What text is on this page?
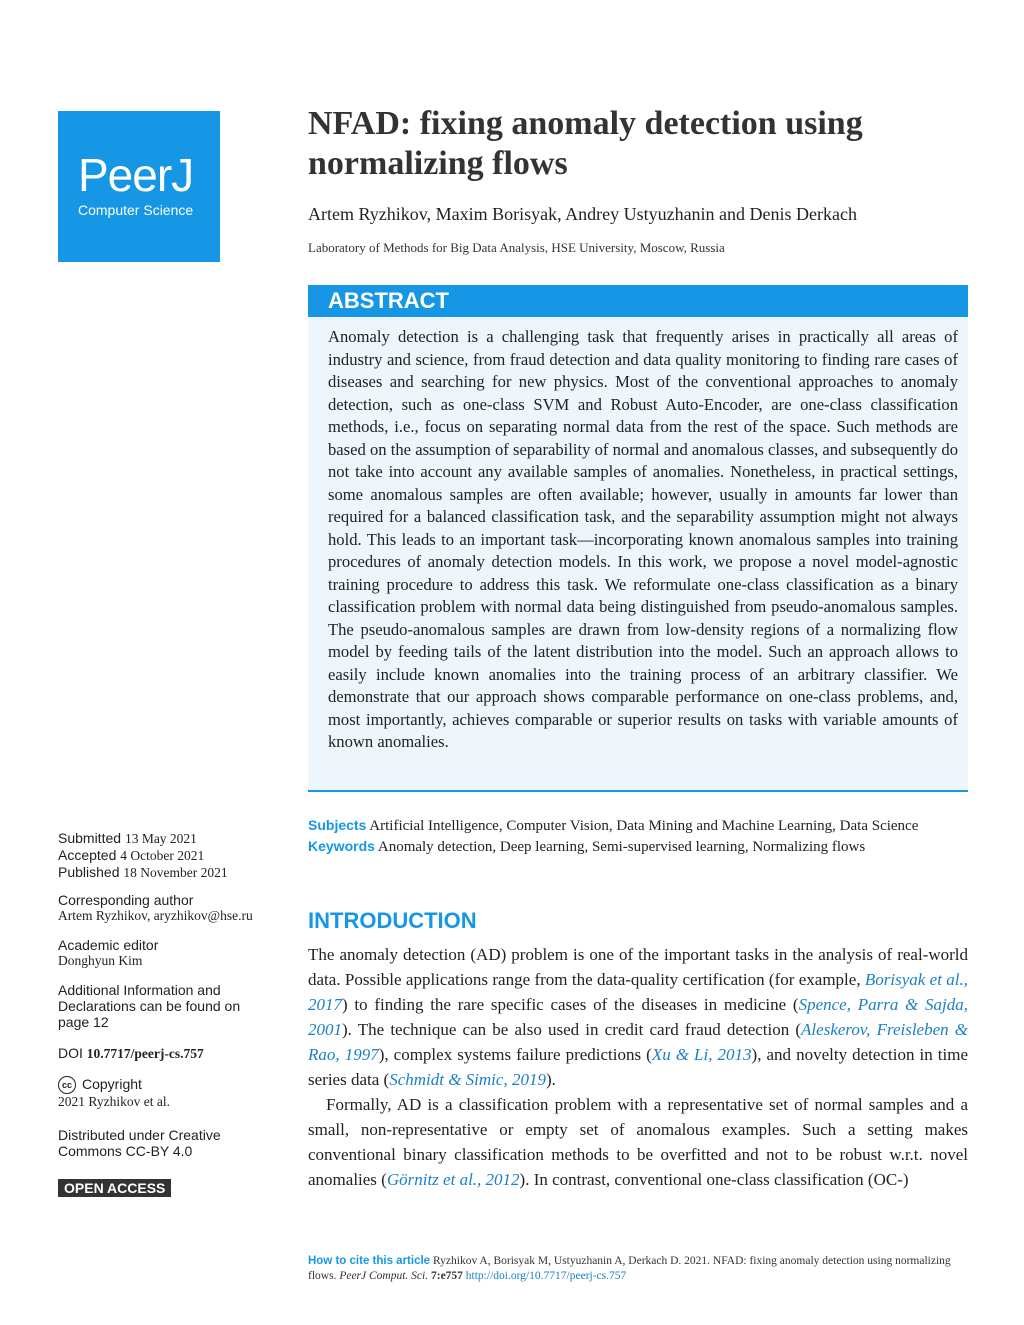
PeerJ
Computer Science
NFAD: fixing anomaly detection using normalizing flows
Artem Ryzhikov, Maxim Borisyak, Andrey Ustyuzhanin and Denis Derkach
Laboratory of Methods for Big Data Analysis, HSE University, Moscow, Russia
ABSTRACT
Anomaly detection is a challenging task that frequently arises in practically all areas of industry and science, from fraud detection and data quality monitoring to finding rare cases of diseases and searching for new physics. Most of the conventional approaches to anomaly detection, such as one-class SVM and Robust Auto-Encoder, are one-class classification methods, i.e., focus on separating normal data from the rest of the space. Such methods are based on the assumption of separability of normal and anomalous classes, and subsequently do not take into account any available samples of anomalies. Nonetheless, in practical settings, some anomalous samples are often available; however, usually in amounts far lower than required for a balanced classification task, and the separability assumption might not always hold. This leads to an important task—incorporating known anomalous samples into training procedures of anomaly detection models. In this work, we propose a novel model-agnostic training procedure to address this task. We reformulate one-class classification as a binary classification problem with normal data being distinguished from pseudo-anomalous samples. The pseudo-anomalous samples are drawn from low-density regions of a normalizing flow model by feeding tails of the latent distribution into the model. Such an approach allows to easily include known anomalies into the training process of an arbitrary classifier. We demonstrate that our approach shows comparable performance on one-class problems, and, most importantly, achieves comparable or superior results on tasks with variable amounts of known anomalies.
Submitted 13 May 2021
Accepted 4 October 2021
Published 18 November 2021
Corresponding author
Artem Ryzhikov, aryzhikov@hse.ru
Academic editor
Donghyun Kim
Additional Information and Declarations can be found on page 12
DOI 10.7717/peerj-cs.757
cc Copyright
2021 Ryzhikov et al.
Distributed under Creative Commons CC-BY 4.0
OPEN ACCESS
Subjects Artificial Intelligence, Computer Vision, Data Mining and Machine Learning, Data Science
Keywords Anomaly detection, Deep learning, Semi-supervised learning, Normalizing flows
INTRODUCTION

The anomaly detection (AD) problem is one of the important tasks in the analysis of real-world data. Possible applications range from the data-quality certification (for example, Borisyak et al., 2017) to finding the rare specific cases of the diseases in medicine (Spence, Parra & Sajda, 2001). The technique can be also used in credit card fraud detection (Aleskerov, Freisleben & Rao, 1997), complex systems failure predictions (Xu & Li, 2013), and novelty detection in time series data (Schmidt & Simic, 2019).

Formally, AD is a classification problem with a representative set of normal samples and a small, non-representative or empty set of anomalous examples. Such a setting makes conventional binary classification methods to be overfitted and not to be robust w.r.t. novel anomalies (Görnitz et al., 2012). In contrast, conventional one-class classification (OC-)

How to cite this article Ryzhikov A, Borisyak M, Ustyuzhanin A, Derkach D. 2021. NFAD: fixing anomaly detection using normalizing flows. PeerJ Comput. Sci. 7:e757 http://doi.org/10.7717/peerj-cs.757
